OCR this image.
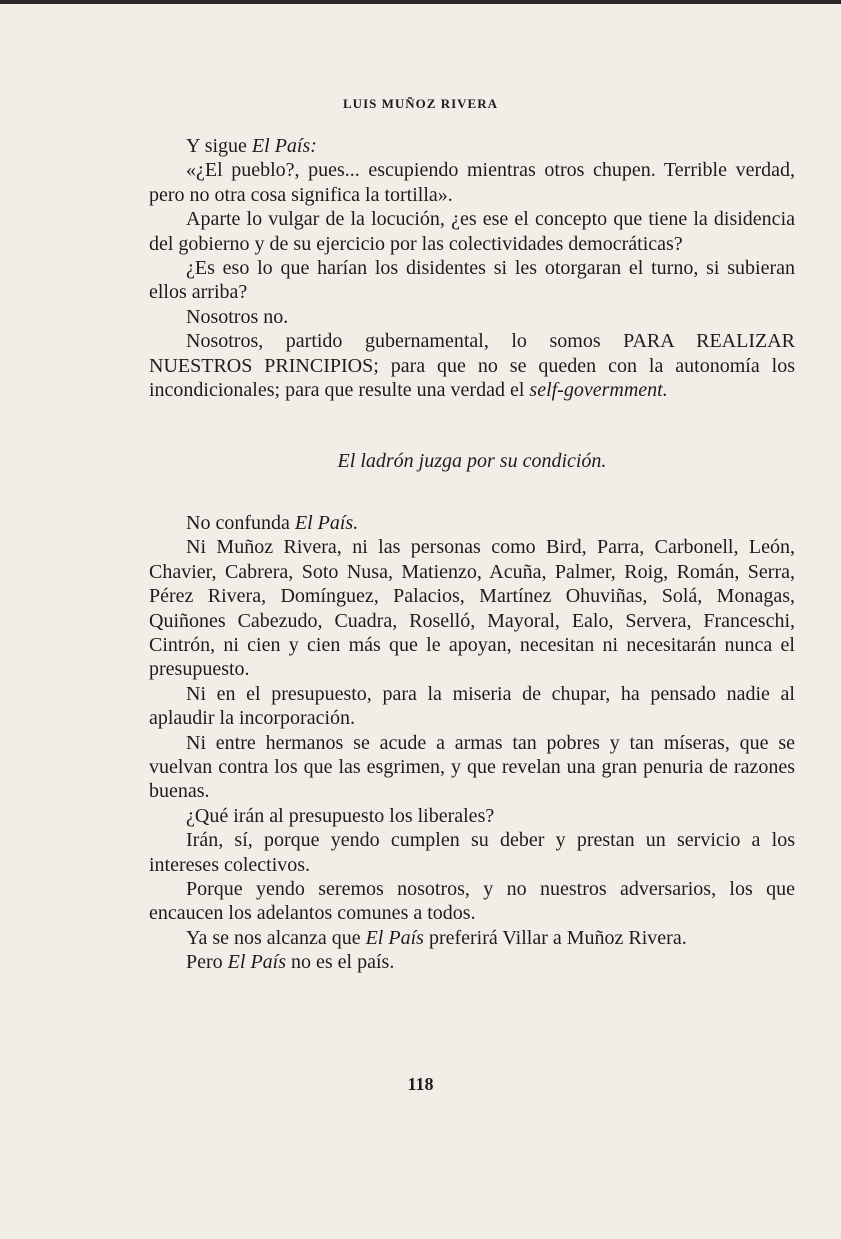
LUIS MUÑOZ RIVERA

Y sigue El País:

«¿El pueblo?, pues... escupiendo mientras otros chupen. Terrible verdad, pero no otra cosa significa la tortilla».

Aparte lo vulgar de la locución, ¿es ese el concepto que tiene la disidencia del gobierno y de su ejercicio por las colectividades democráticas?

¿Es eso lo que harían los disidentes si les otorgaran el turno, si subieran ellos arriba?

Nosotros no.

Nosotros, partido gubernamental, lo somos PARA REALIZAR NUESTROS PRINCIPIOS; para que no se queden con la autonomía los incondicionales; para que resulte una verdad el self-govermment.

El ladrón juzga por su condición.

No confunda El País.

Ni Muñoz Rivera, ni las personas como Bird, Parra, Carbonell, León, Chavier, Cabrera, Soto Nusa, Matienzo, Acuña, Palmer, Roig, Román, Serra, Pérez Rivera, Domínguez, Palacios, Martínez Ohuviñas, Solá, Monagas, Quiñones Cabezudo, Cuadra, Roselló, Mayoral, Ealo, Servera, Franceschi, Cintrón, ni cien y cien más que le apoyan, necesitan ni necesitarán nunca el presupuesto.

Ni en el presupuesto, para la miseria de chupar, ha pensado nadie al aplaudir la incorporación.

Ni entre hermanos se acude a armas tan pobres y tan míseras, que se vuelvan contra los que las esgrimen, y que revelan una gran penuria de razones buenas.

¿Qué irán al presupuesto los liberales?

Irán, sí, porque yendo cumplen su deber y prestan un servicio a los intereses colectivos.

Porque yendo seremos nosotros, y no nuestros adversarios, los que encaucen los adelantos comunes a todos.

Ya se nos alcanza que El País preferirá Villar a Muñoz Rivera.

Pero El País no es el país.

118
